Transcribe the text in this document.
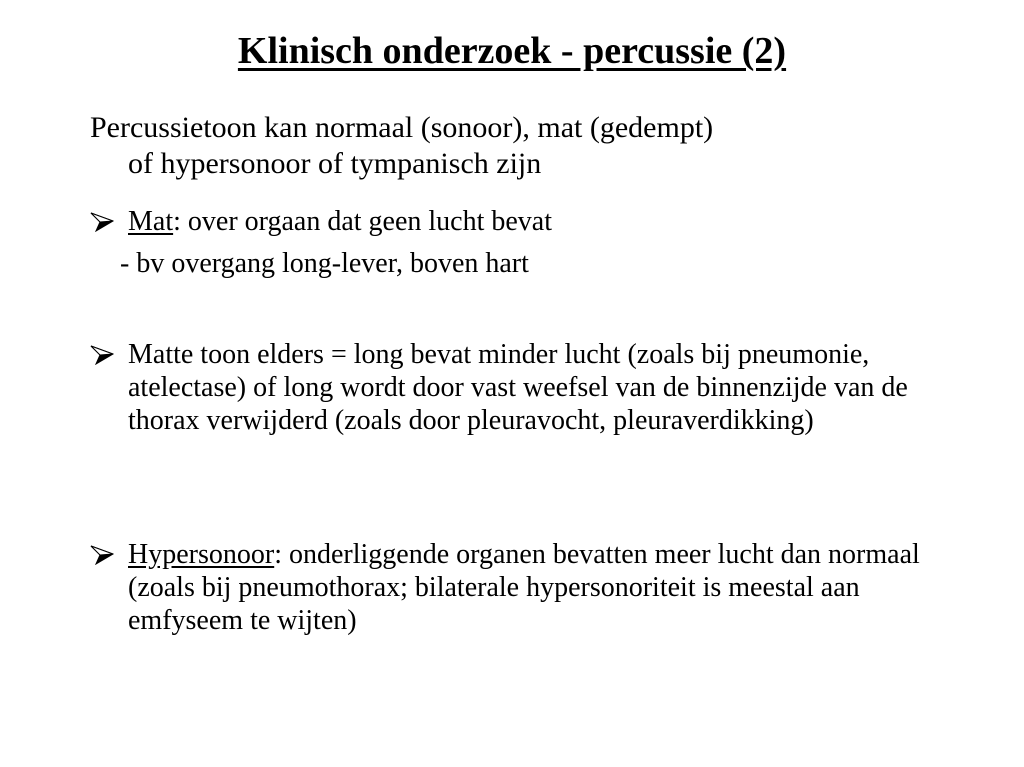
Klinisch onderzoek - percussie (2)

Percussietoon kan normaal (sonoor), mat (gedempt)
of hypersonoor of tympanisch zijn

Mat: over orgaan dat geen lucht bevat
- bv overgang long-lever, boven hart
Matte toon elders = long bevat minder lucht (zoals bij pneumonie, atelectase) of long wordt door vast weefsel van de binnenzijde van de thorax verwijderd (zoals door pleuravocht, pleuraverdikking)
Hypersonoor: onderliggende organen bevatten meer lucht dan normaal (zoals bij pneumothorax; bilaterale hypersonoriteit is meestal aan emfyseem te wijten)
